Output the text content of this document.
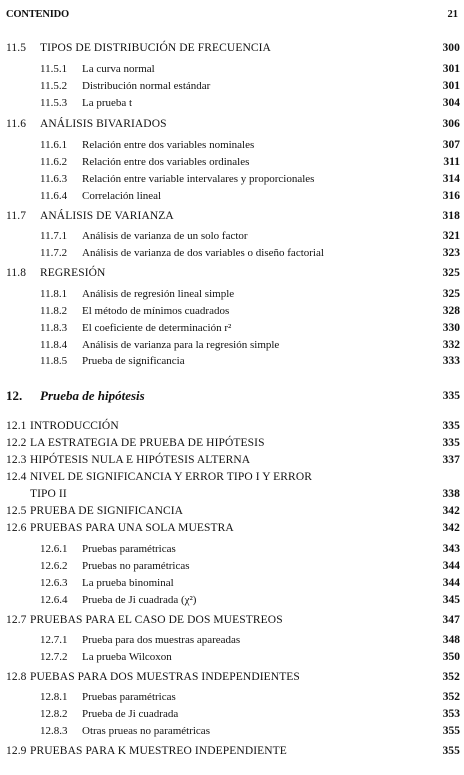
CONTENIDO	21
11.5 TIPOS DE DISTRIBUCIÓN DE FRECUENCIA	300
11.5.1 La curva normal	301
11.5.2 Distribución normal estándar	301
11.5.3 La prueba t	304
11.6 ANÁLISIS BIVARIADOS	306
11.6.1 Relación entre dos variables nominales	307
11.6.2 Relación entre dos variables ordinales	311
11.6.3 Relación entre variable intervalares y proporcionales	314
11.6.4 Correlación lineal	316
11.7 ANÁLISIS DE VARIANZA	318
11.7.1 Análisis de varianza de un solo factor	321
11.7.2 Análisis de varianza de dos variables o diseño factorial	323
11.8 REGRESIÓN	325
11.8.1 Análisis de regresión lineal simple	325
11.8.2 El método de mínimos cuadrados	328
11.8.3 El coeficiente de determinación r²	330
11.8.4 Análisis de varianza para la regresión simple	332
11.8.5 Prueba de significancia	333
12. Prueba de hipótesis	335
12.1 INTRODUCCIÓN	335
12.2 LA ESTRATEGIA DE PRUEBA DE HIPÓTESIS	335
12.3 HIPÓTESIS NULA E HIPÓTESIS ALTERNA	337
12.4 NIVEL DE SIGNIFICANCIA Y ERROR TIPO I Y ERROR
TIPO II	338
12.5 PRUEBA DE SIGNIFICANCIA	342
12.6 PRUEBAS PARA UNA SOLA MUESTRA	342
12.6.1 Pruebas paramétricas	343
12.6.2 Pruebas no paramétricas	344
12.6.3 La prueba binominal	344
12.6.4 Prueba de Ji cuadrada (χ²)	345
12.7 PRUEBAS PARA EL CASO DE DOS MUESTREOS	347
12.7.1 Prueba para dos muestras apareadas	348
12.7.2 La prueba Wilcoxon	350
12.8 PUEBAS PARA DOS MUESTRAS INDEPENDIENTES	352
12.8.1 Pruebas paramétricas	352
12.8.2 Prueba de Ji cuadrada	353
12.8.3 Otras prueas no paramétricas	355
12.9 PRUEBAS PARA K MUESTREO INDEPENDIENTE	355
